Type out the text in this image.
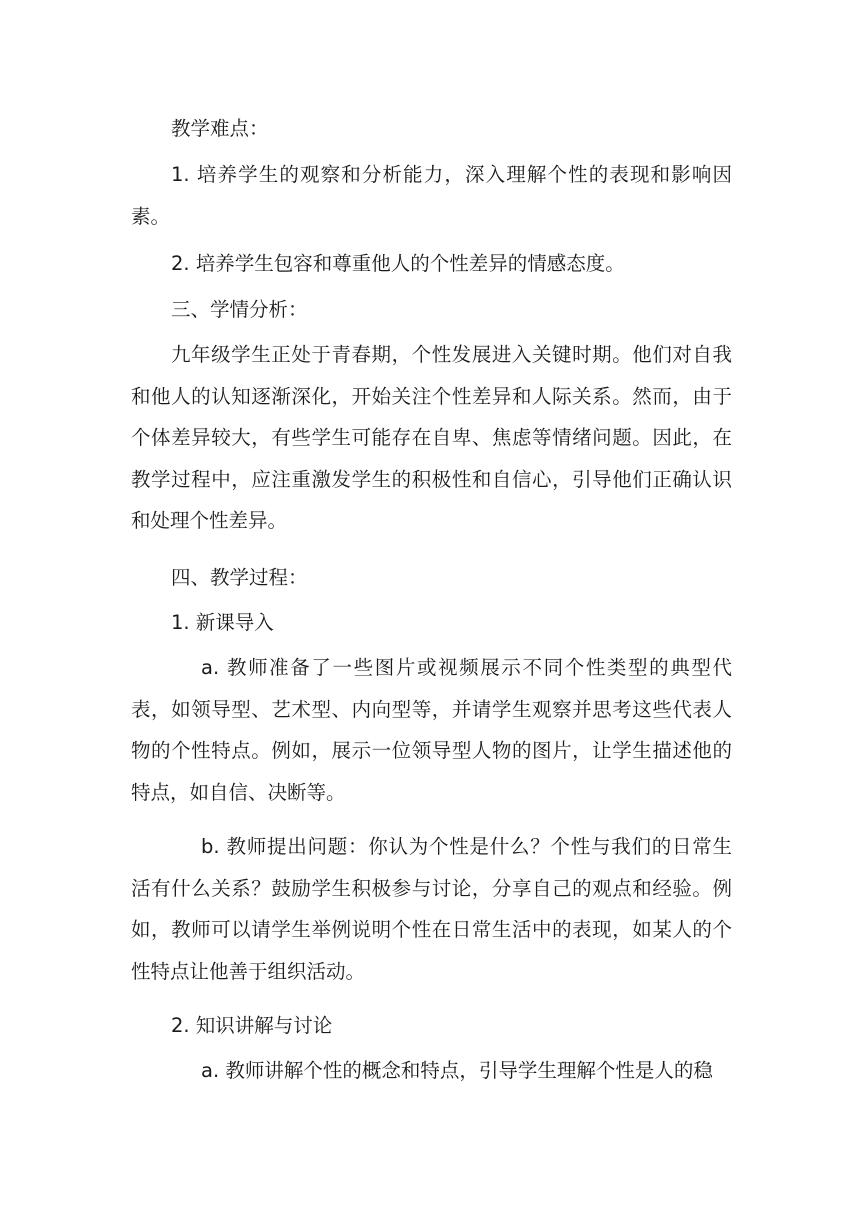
教学难点：

1. 培养学生的观察和分析能力，深入理解个性的表现和影响因素。

2. 培养学生包容和尊重他人的个性差异的情感态度。

三、学情分析：

九年级学生正处于青春期，个性发展进入关键时期。他们对自我和他人的认知逐渐深化，开始关注个性差异和人际关系。然而，由于个体差异较大，有些学生可能存在自卑、焦虑等情绪问题。因此，在教学过程中，应注重激发学生的积极性和自信心，引导他们正确认识和处理个性差异。

四、教学过程：

1. 新课导入

a. 教师准备了一些图片或视频展示不同个性类型的典型代表，如领导型、艺术型、内向型等，并请学生观察并思考这些代表人物的个性特点。例如，展示一位领导型人物的图片，让学生描述他的特点，如自信、决断等。

b. 教师提出问题：你认为个性是什么？个性与我们的日常生活有什么关系？鼓励学生积极参与讨论，分享自己的观点和经验。例如，教师可以请学生举例说明个性在日常生活中的表现，如某人的个性特点让他善于组织活动。

2. 知识讲解与讨论

a. 教师讲解个性的概念和特点，引导学生理解个性是人的稳
